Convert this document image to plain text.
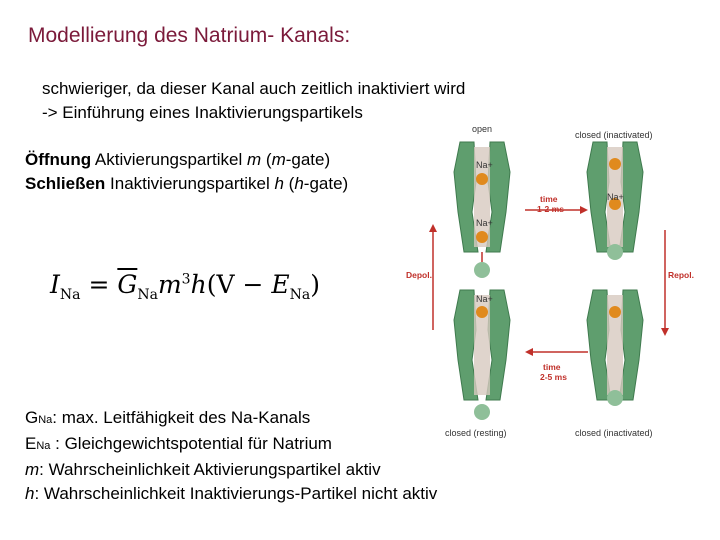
Modellierung des Natrium- Kanals:
schwieriger, da dieser Kanal auch zeitlich inaktiviert wird
-> Einführung eines Inaktivierungspartikels
Öffnung Aktivierungspartikel m (m-gate)
Schließen Inaktivierungspartikel h (h-gate)
$I_{Na} = \overline{G}_{Na}m^3h(V - E_{Na})$
GNa: max. Leitfähigkeit des Na-Kanals
ENa : Gleichgewichtspotential für Natrium
m: Wahrscheinlichkeit Aktivierungspartikel aktiv
h: Wahrscheinlichkeit Inaktivierungs-Partikel nicht aktiv
open
closed (inactivated)
Na+
Na+
Na+
time
1-2 ms
Depol.	Repol.
Na+
time
2-5 ms
closed (resting)	closed (inactivated)
